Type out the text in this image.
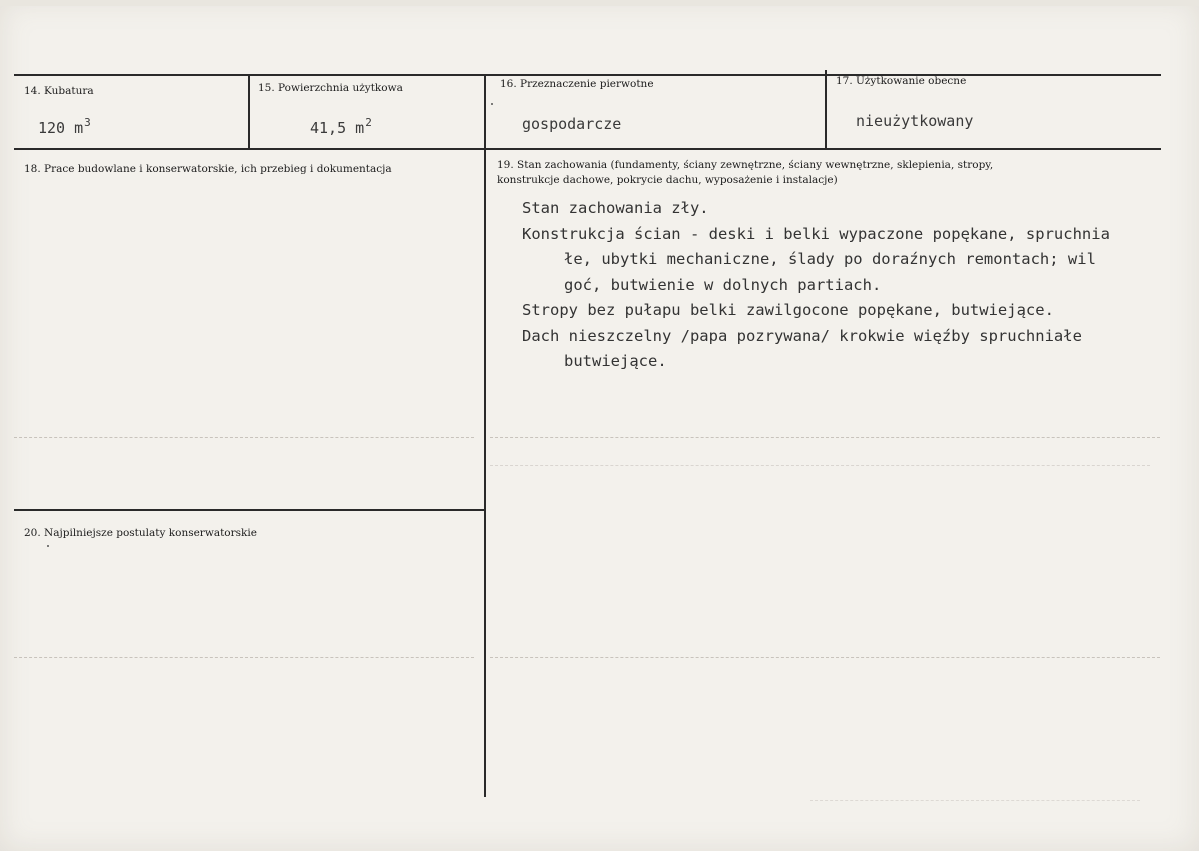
14. Kubatura
120 $m^3$
15. Powierzchnia użytkowa
41,5 $m^2$
16. Przeznaczenie pierwotne
gospodarcze
17. Użytkowanie obecne
nieużytkowany
18. Prace budowlane i konserwatorskie, ich przebieg i dokumentacja	19. Stan zachowania (fundamenty, ściany zewnętrzne, ściany wewnętrzne, sklepienia, stropy,
konstrukcje dachowe, pokrycie dachu, wyposażenie i instalacje)
Stan zachowania zły.
Konstrukcja ścian - deski i belki wypaczone popękane, spruchnia
łe, ubytki mechaniczne, ślady po doraźnych remontach; wil
goć, butwienie w dolnych partiach.
Stropy bez pułapu belki zawilgocone popękane, butwiejące.
Dach nieszczelny /papa pozrywana/ krokwie więźby spruchniałe
butwiejące.
20. Najpilniejsze postulaty konserwatorskie
